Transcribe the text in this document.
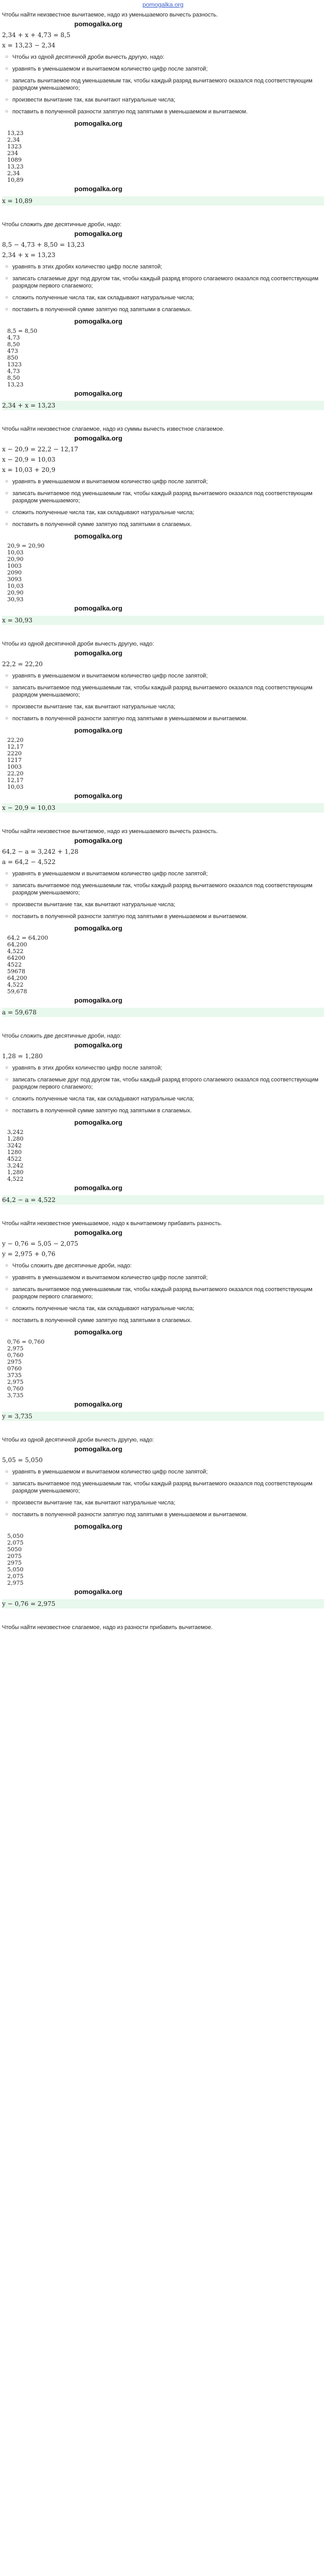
pomogalka.org
Чтобы найти неизвестное вычитаемое, надо из уменьшаемого вычесть разность.
pomogalka.org
2,34 + x + 4,73 = 8,5
x = 13,23 − 2,34
○ Чтобы из одной десятичной дроби вычесть другую, надо:
○ уравнять в уменьшаемом и вычитаемом количество цифр после запятой;
○ записать вычитаемое под уменьшаемым так, чтобы каждый разряд вычитаемого оказался под соответствующим разрядом уменьшаемого;
○ произвести вычитание так, как вычитают натуральные числа;
○ поставить в полученной разности запятую под запятыми в уменьшаемом и вычитаемом.
pomogalka.org
13,23
2,34
1323
234
1089
13,23
2,34
10,89
pomogalka.org
x = 10,89
Чтобы сложить две десятичные дроби, надо:
pomogalka.org
8,5 − 4,73 + 8,50 = 13,23
2,34 + x = 13,23
○ уравнять в этих дробях количество цифр после запятой;
○ записать слагаемые друг под другом так, чтобы каждый разряд второго слагаемого оказался под соответствующим разрядом первого слагаемого;
○ сложить полученные числа так, как складывают натуральные числа;
○ поставить в полученной сумме запятую под запятыми в слагаемых.
pomogalka.org
8,5 = 8,50
4,73
8,50
473
850
1323
4,73
8,50
13,23
pomogalka.org
2,34 + x = 13,23
Чтобы найти неизвестное слагаемое, надо из суммы вычесть известное слагаемое.
pomogalka.org
x − 20,9 = 22,2 − 12,17
x − 20,9 = 10,03
x = 10,03 + 20,9
○ уравнять в уменьшаемом и вычитаемом количество цифр после запятой;
○ записать вычитаемое под уменьшаемым так, чтобы каждый разряд вычитаемого оказался под соответствующим разрядом уменьшаемого;
○ сложить полученные числа так, как складывают натуральные числа;
○ поставить в полученной сумме запятую под запятыми в слагаемых.
pomogalka.org
20,9 = 20,90
10,03
20,90
1003
2090
3093
10,03
20,90
30,93
pomogalka.org
x = 30,93
Чтобы из одной десятичной дроби вычесть другую, надо:
pomogalka.org
22,2 = 22,20
○ уравнять в уменьшаемом и вычитаемом количество цифр после запятой;
○ записать вычитаемое под уменьшаемым так, чтобы каждый разряд вычитаемого оказался под соответствующим разрядом уменьшаемого;
○ произвести вычитание так, как вычитают натуральные числа;
○ поставить в полученной разности запятую под запятыми в уменьшаемом и вычитаемом.
pomogalka.org
22,20
12,17
2220
1217
1003
22,20
12,17
10,03
pomogalka.org
x − 20,9 = 10,03
Чтобы найти неизвестное вычитаемое, надо из уменьшаемого вычесть разность.
pomogalka.org
64,2 − a = 3,242 + 1,28
a = 64,2 − 4,522
○ уравнять в уменьшаемом и вычитаемом количество цифр после запятой;
○ записать вычитаемое под уменьшаемым так, чтобы каждый разряд вычитаемого оказался под соответствующим разрядом уменьшаемого;
○ произвести вычитание так, как вычитают натуральные числа;
○ поставить в полученной разности запятую под запятыми в уменьшаемом и вычитаемом.
pomogalka.org
64,2 = 64,200
64,200
4,522
64200
4522
59678
64,200
4,522
59,678
pomogalka.org
a = 59,678
Чтобы сложить две десятичные дроби, надо:
pomogalka.org
1,28 = 1,280
○ уравнять в этих дробях количество цифр после запятой;
○ записать слагаемые друг под другом так, чтобы каждый разряд второго слагаемого оказался под соответствующим разрядом первого слагаемого;
○ сложить полученные числа так, как складывают натуральные числа;
○ поставить в полученной сумме запятую под запятыми в слагаемых.
pomogalka.org
3,242
1,280
3242
1280
4522
3,242
1,280
4,522
pomogalka.org
64,2 − a = 4,522
Чтобы найти неизвестное уменьшаемое, надо к вычитаемому прибавить разность.
pomogalka.org
y − 0,76 = 5,05 − 2,075
y = 2,975 + 0,76
○ Чтобы сложить две десятичные дроби, надо:
○ уравнять в уменьшаемом и вычитаемом количество цифр после запятой;
○ записать вычитаемое под уменьшаемым так, чтобы каждый разряд вычитаемого оказался под соответствующим разрядом первого слагаемого;
○ сложить полученные числа так, как складывают натуральные числа;
○ поставить в полученной сумме запятую под запятыми в слагаемых.
pomogalka.org
0,76 = 0,760
2,975
0,760
2975
0760
3735
2,975
0,760
3,735
pomogalka.org
y = 3,735
Чтобы из одной десятичной дроби вычесть другую, надо:
pomogalka.org
5,05 = 5,050
○ уравнять в уменьшаемом и вычитаемом количество цифр после запятой;
○ записать вычитаемое под уменьшаемым так, чтобы каждый разряд вычитаемого оказался под соответствующим разрядом уменьшаемого;
○ произвести вычитание так, как вычитают натуральные числа;
○ поставить в полученной разности запятую под запятыми в уменьшаемом и вычитаемом.
pomogalka.org
5,050
2,075
5050
2075
2975
5,050
2,075
2,975
pomogalka.org
y − 0,76 = 2,975
Чтобы найти неизвестное слагаемое, надо из разности прибавить вычитаемое.
